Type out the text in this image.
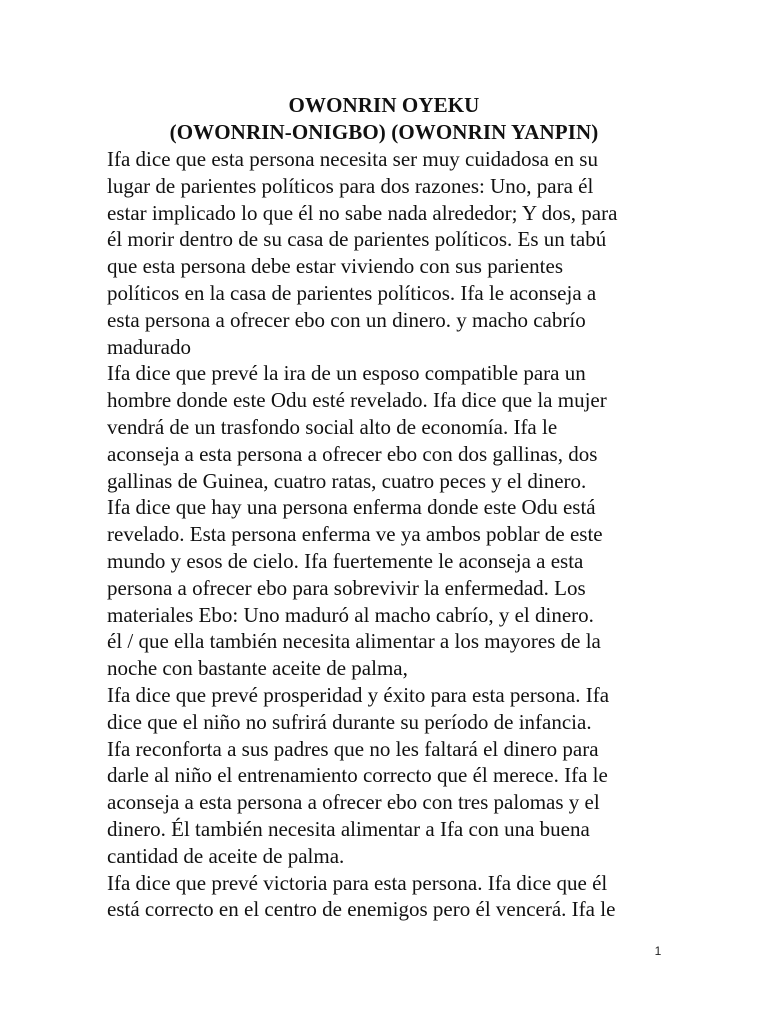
OWONRIN OYEKU

(OWONRIN-ONIGBO) (OWONRIN YANPIN)

Ifa dice que esta persona necesita ser muy cuidadosa en su

lugar de parientes políticos para dos razones: Uno, para él

estar implicado lo que él no sabe nada alrededor; Y dos, para

él morir dentro de su casa de parientes políticos. Es un tabú

que esta persona debe estar viviendo con sus parientes

políticos en la casa de parientes políticos. Ifa le aconseja a

esta persona a ofrecer ebo con un dinero. y macho cabrío

madurado

Ifa dice que prevé la ira de un esposo compatible para un

hombre donde este Odu esté revelado. Ifa dice que la mujer

vendrá de un trasfondo social alto de economía. Ifa le

aconseja a esta persona a ofrecer ebo con dos gallinas, dos

gallinas de Guinea, cuatro ratas, cuatro peces y el dinero.

Ifa dice que hay una persona enferma donde este Odu está

revelado. Esta persona enferma ve ya ambos poblar de este

mundo y esos de cielo. Ifa fuertemente le aconseja a esta

persona a ofrecer ebo para sobrevivir la enfermedad. Los

materiales Ebo: Uno maduró al macho cabrío, y el dinero.

él / que ella también necesita alimentar a los mayores de la

noche con bastante aceite de palma,

Ifa dice que prevé prosperidad y éxito para esta persona. Ifa

dice que el niño no sufrirá durante su período de infancia.

Ifa reconforta a sus padres que no les faltará el dinero para

darle al niño el entrenamiento correcto que él merece. Ifa le

aconseja a esta persona a ofrecer ebo con tres palomas y el

dinero. Él también necesita alimentar a Ifa con una buena

cantidad de aceite de palma.

Ifa dice que prevé victoria para esta persona. Ifa dice que él

está correcto en el centro de enemigos pero él vencerá. Ifa le

1
